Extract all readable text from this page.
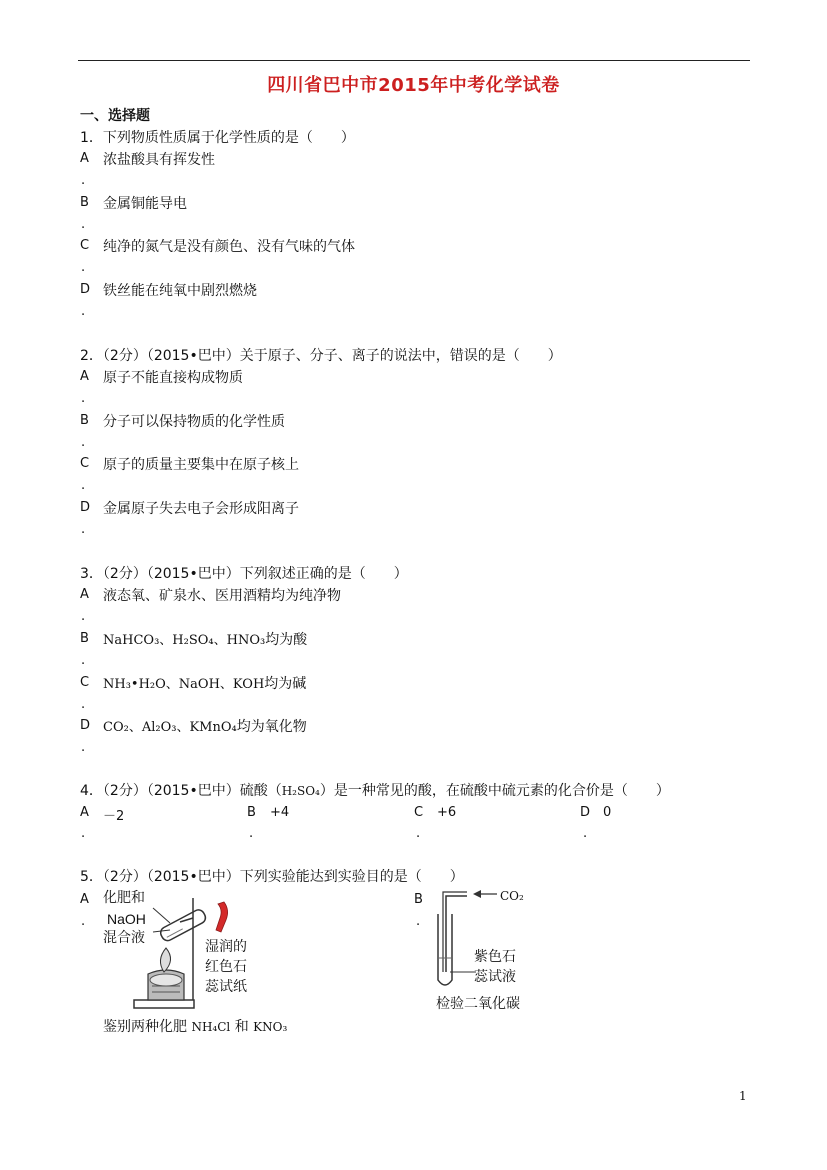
四川省巴中市2015年中考化学试卷
一、选择题
1．下列物质性质属于化学性质的是（　　）
A 浓盐酸具有挥发性
.
B 金属铜能导电
.
C 纯净的氮气是没有颜色、没有气味的气体
.
D 铁丝能在纯氧中剧烈燃烧
.
2．（2分）（2015•巴中）关于原子、分子、离子的说法中，错误的是（　　）
A 原子不能直接构成物质
.
B 分子可以保持物质的化学性质
.
C 原子的质量主要集中在原子核上
.
D 金属原子失去电子会形成阳离子
.
3．（2分）（2015•巴中）下列叙述正确的是（　　）
A 液态氧、矿泉水、医用酒精均为纯净物
.
B NaHCO₃、H₂SO₄、HNO₃均为酸
.
C NH₃•H₂O、NaOH、KOH均为碱
.
D CO₂、Al₂O₃、KMnO₄均为氧化物
.
4．（2分）（2015•巴中）硫酸（H₂SO₄）是一种常见的酸，在硫酸中硫元素的化合价是（　　）
A －2
.
B +4
.
C +6
.
D 0
.
5．（2分）（2015•巴中）下列实验能达到实验目的是（　　）
A
.
化肥和
NaOH
混合液
湿润的
红色石
蕊试纸
鉴别两种化肥 NH₄Cl 和 KNO₃
B
.
CO₂
紫色石
蕊试液
检验二氧化碳
1
